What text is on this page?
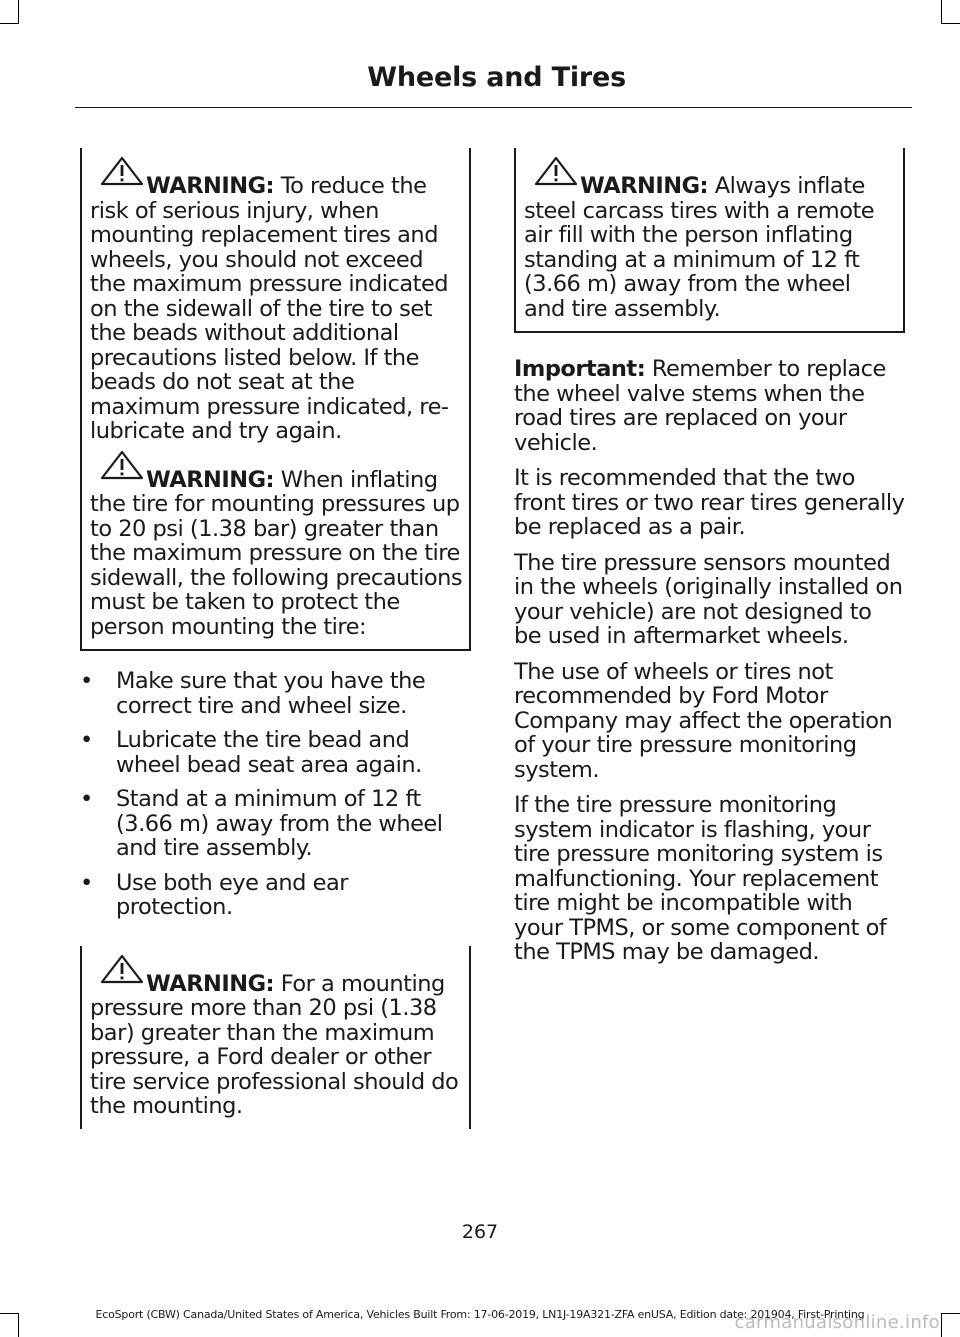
Wheels and Tires

WARNING: To reduce the risk of serious injury, when mounting replacement tires and wheels, you should not exceed the maximum pressure indicated on the sidewall of the tire to set the beads without additional precautions listed below. If the beads do not seat at the maximum pressure indicated, re-lubricate and try again.

WARNING: When inflating the tire for mounting pressures up to 20 psi (1.38 bar) greater than the maximum pressure on the tire sidewall, the following precautions must be taken to protect the person mounting the tire:

• Make sure that you have the correct tire and wheel size.
• Lubricate the tire bead and wheel bead seat area again.
• Stand at a minimum of 12 ft (3.66 m) away from the wheel and tire assembly.
• Use both eye and ear protection.

WARNING: For a mounting pressure more than 20 psi (1.38 bar) greater than the maximum pressure, a Ford dealer or other tire service professional should do the mounting.

WARNING: Always inflate steel carcass tires with a remote air fill with the person inflating standing at a minimum of 12 ft (3.66 m) away from the wheel and tire assembly.

Important: Remember to replace the wheel valve stems when the road tires are replaced on your vehicle.

It is recommended that the two front tires or two rear tires generally be replaced as a pair.

The tire pressure sensors mounted in the wheels (originally installed on your vehicle) are not designed to be used in aftermarket wheels.

The use of wheels or tires not recommended by Ford Motor Company may affect the operation of your tire pressure monitoring system.

If the tire pressure monitoring system indicator is flashing, your tire pressure monitoring system is malfunctioning. Your replacement tire might be incompatible with your TPMS, or some component of the TPMS may be damaged.

267
EcoSport (CBW) Canada/United States of America, Vehicles Built From: 17-06-2019, LN1J-19A321-ZFA enUSA, Edition date: 201904, First-Printing
carmanualsonline.info
